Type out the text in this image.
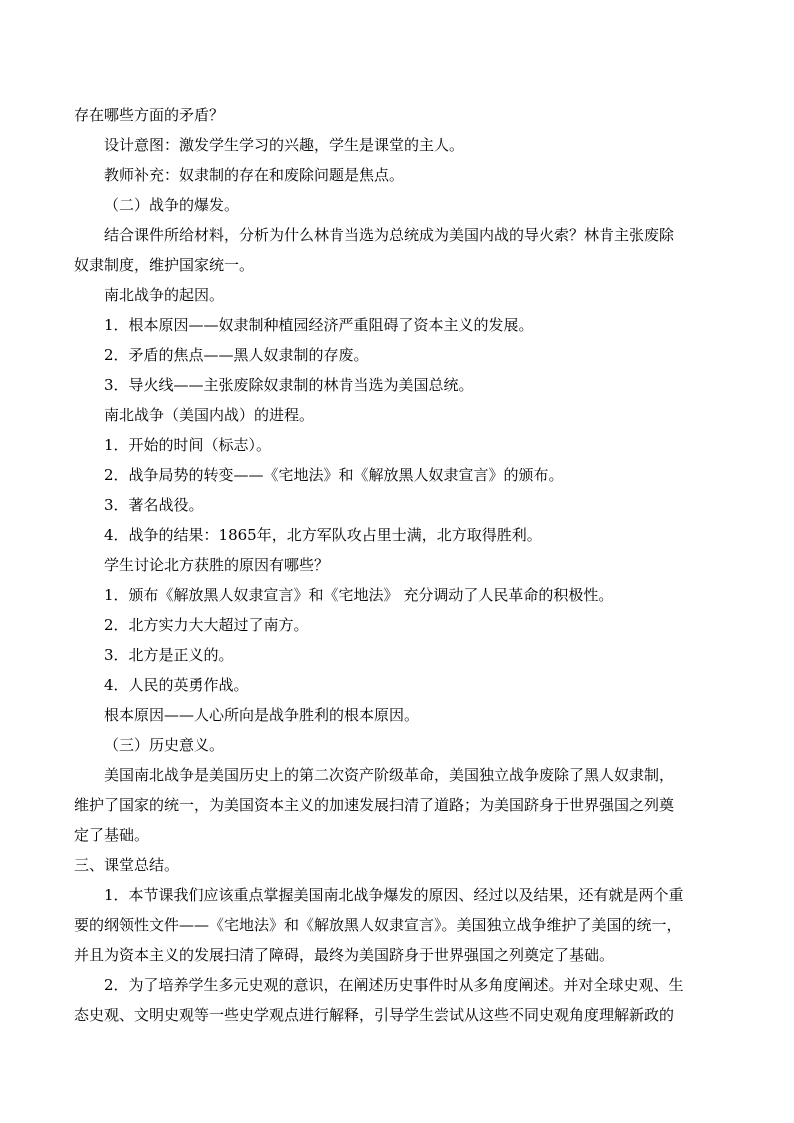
存在哪些方面的矛盾？
设计意图：激发学生学习的兴趣，学生是课堂的主人。
教师补充：奴隶制的存在和废除问题是焦点。
（二）战争的爆发。
结合课件所给材料，分析为什么林肯当选为总统成为美国内战的导火索？林肯主张废除
奴隶制度，维护国家统一。
南北战争的起因。
1．根本原因——奴隶制种植园经济严重阻碍了资本主义的发展。
2．矛盾的焦点——黑人奴隶制的存废。
3．导火线——主张废除奴隶制的林肯当选为美国总统。
南北战争（美国内战）的进程。
1．开始的时间（标志）。
2．战争局势的转变——《宅地法》和《解放黑人奴隶宣言》的颁布。
3．著名战役。
4．战争的结果：1865年，北方军队攻占里士满，北方取得胜利。
学生讨论北方获胜的原因有哪些？
1．颁布《解放黑人奴隶宣言》和《宅地法》 充分调动了人民革命的积极性。
2．北方实力大大超过了南方。
3．北方是正义的。
4．人民的英勇作战。
根本原因——人心所向是战争胜利的根本原因。
（三）历史意义。
美国南北战争是美国历史上的第二次资产阶级革命，美国独立战争废除了黑人奴隶制，
维护了国家的统一，为美国资本主义的加速发展扫清了道路；为美国跻身于世界强国之列奠
定了基础。
三、课堂总结。
1．本节课我们应该重点掌握美国南北战争爆发的原因、经过以及结果，还有就是两个重
要的纲领性文件——《宅地法》和《解放黑人奴隶宣言》。美国独立战争维护了美国的统一，
并且为资本主义的发展扫清了障碍，最终为美国跻身于世界强国之列奠定了基础。
2．为了培养学生多元史观的意识，在阐述历史事件时从多角度阐述。并对全球史观、生
态史观、文明史观等一些史学观点进行解释，引导学生尝试从这些不同史观角度理解新政的
